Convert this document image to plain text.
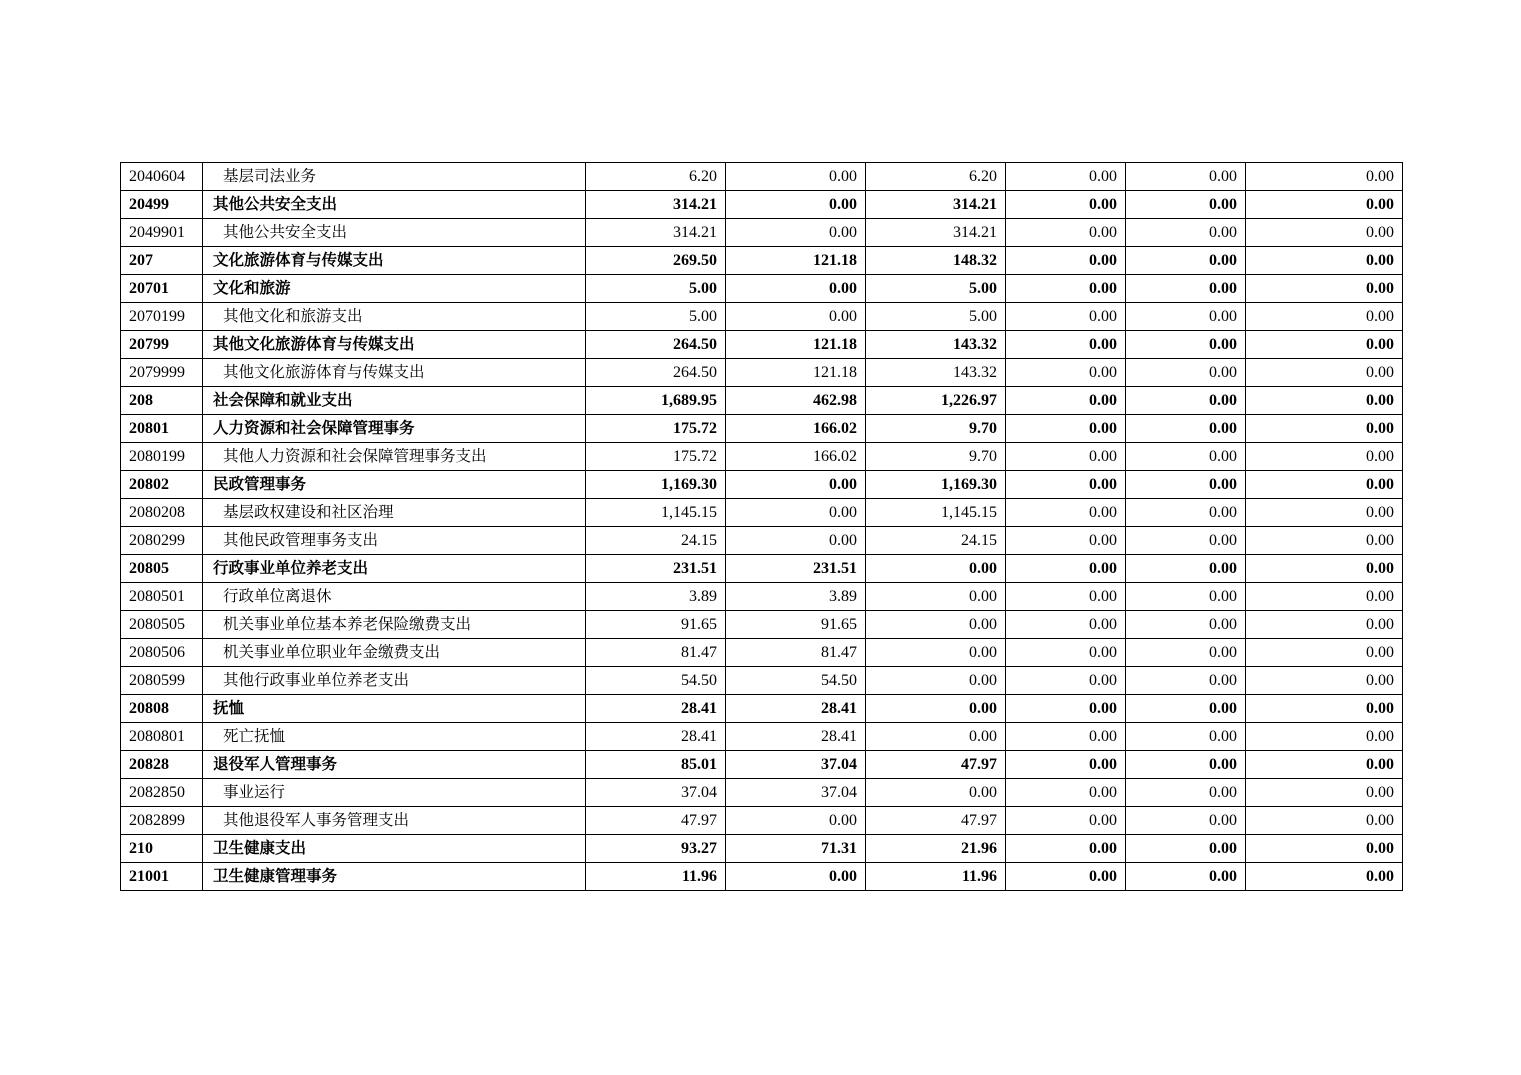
2040604	基层司法业务	6.20	0.00	6.20	0.00	0.00	0.00
20499	其他公共安全支出	314.21	0.00	314.21	0.00	0.00	0.00
2049901	其他公共安全支出	314.21	0.00	314.21	0.00	0.00	0.00
207	文化旅游体育与传媒支出	269.50	121.18	148.32	0.00	0.00	0.00
20701	文化和旅游	5.00	0.00	5.00	0.00	0.00	0.00
2070199	其他文化和旅游支出	5.00	0.00	5.00	0.00	0.00	0.00
20799	其他文化旅游体育与传媒支出	264.50	121.18	143.32	0.00	0.00	0.00
2079999	其他文化旅游体育与传媒支出	264.50	121.18	143.32	0.00	0.00	0.00
208	社会保障和就业支出	1,689.95	462.98	1,226.97	0.00	0.00	0.00
20801	人力资源和社会保障管理事务	175.72	166.02	9.70	0.00	0.00	0.00
2080199	其他人力资源和社会保障管理事务支出	175.72	166.02	9.70	0.00	0.00	0.00
20802	民政管理事务	1,169.30	0.00	1,169.30	0.00	0.00	0.00
2080208	基层政权建设和社区治理	1,145.15	0.00	1,145.15	0.00	0.00	0.00
2080299	其他民政管理事务支出	24.15	0.00	24.15	0.00	0.00	0.00
20805	行政事业单位养老支出	231.51	231.51	0.00	0.00	0.00	0.00
2080501	行政单位离退休	3.89	3.89	0.00	0.00	0.00	0.00
2080505	机关事业单位基本养老保险缴费支出	91.65	91.65	0.00	0.00	0.00	0.00
2080506	机关事业单位职业年金缴费支出	81.47	81.47	0.00	0.00	0.00	0.00
2080599	其他行政事业单位养老支出	54.50	54.50	0.00	0.00	0.00	0.00
20808	抚恤	28.41	28.41	0.00	0.00	0.00	0.00
2080801	死亡抚恤	28.41	28.41	0.00	0.00	0.00	0.00
20828	退役军人管理事务	85.01	37.04	47.97	0.00	0.00	0.00
2082850	事业运行	37.04	37.04	0.00	0.00	0.00	0.00
2082899	其他退役军人事务管理支出	47.97	0.00	47.97	0.00	0.00	0.00
210	卫生健康支出	93.27	71.31	21.96	0.00	0.00	0.00
21001	卫生健康管理事务	11.96	0.00	11.96	0.00	0.00	0.00
